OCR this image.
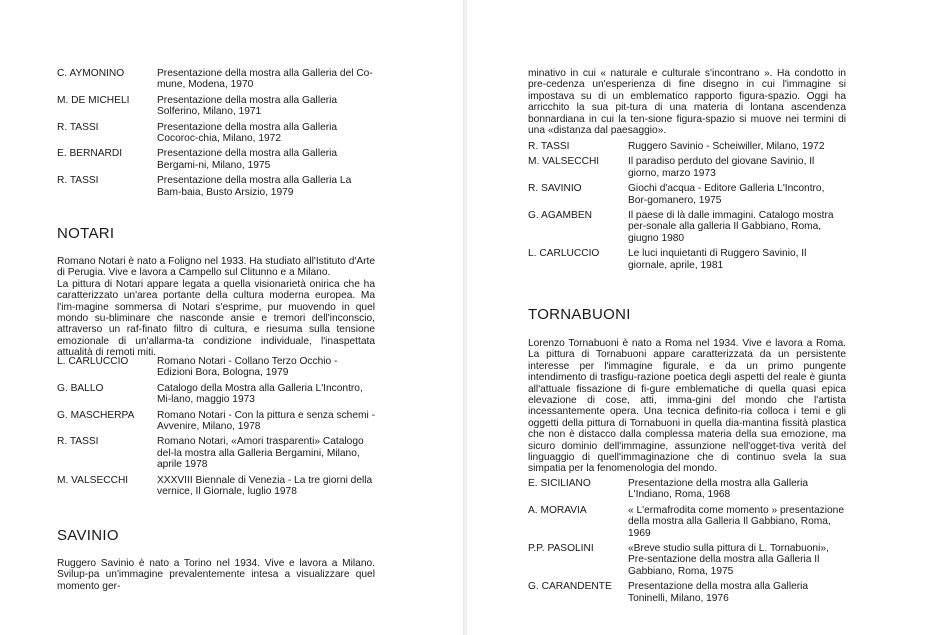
C. AYMONINO	Presentazione della mostra alla Galleria del Co-mune, Modena, 1970
M. DE MICHELI	Presentazione della mostra alla Galleria Solferino, Milano, 1971
R. TASSI	Presentazione della mostra alla Galleria Cocoroc-chia, Milano, 1972
E. BERNARDI	Presentazione della mostra alla Galleria Bergami-ni, Milano, 1975
R. TASSI	Presentazione della mostra alla Galleria La Bam-baia, Busto Arsizio, 1979
NOTARI

Romano Notari è nato a Foligno nel 1933. Ha studiato all'Istituto d'Arte di Perugia. Vive e lavora a Campello sul Clitunno e a Milano.

La pittura di Notari appare legata a quella visionarietà onirica che ha caratterizzato un'area portante della cultura moderna europea. Ma l'im-magine sommersa di Notari s'esprime, pur muovendo in quel mondo su-bliminare che nasconde ansie e tremori dell'inconscio, attraverso un raf-finato filtro di cultura, e riesuma sulla tensione emozionale di un'allarma-ta condizione individuale, l'inaspettata attualità di remoti miti.

L. CARLUCCIO	Romano Notari - Collano Terzo Occhio - Edizioni Bora, Bologna, 1979
G. BALLO	Catalogo della Mostra alla Galleria L'Incontro, Mi-lano, maggio 1973
G. MASCHERPA	Romano Notari - Con la pittura e senza schemi - Avvenire, Milano, 1978
R. TASSI	Romano Notari, «Amori trasparenti» Catalogo del-la mostra alla Galleria Bergamini, Milano, aprile 1978
M. VALSECCHI	XXXVIII Biennale di Venezia - La tre giorni della vernice, Il Giornale, luglio 1978
SAVINIO

Ruggero Savinio è nato a Torino nel 1934. Vive e lavora a Milano. Svilup-pa un'immagine prevalentemente intesa a visualizzare quel momento ger-

minativo in cui « naturale e culturale s'incontrano ». Ha condotto in pre-cedenza un'esperienza di fine disegno in cui l'immagine si impostava su di un emblematico rapporto figura-spazio. Oggi ha arricchito la sua pit-tura di una materia di lontana ascendenza bonnardiana in cui la ten-sione figura-spazio si muove nei termini di una «distanza dal paesaggio».

R. TASSI	Ruggero Savinio - Scheiwiller, Milano, 1972
M. VALSECCHI	Il paradiso perduto del giovane Savinio, Il giorno, marzo 1973
R. SAVINIO	Giochi d'acqua - Editore Galleria L'Incontro, Bor-gomanero, 1975
G. AGAMBEN	Il paese di là dalle immagini. Catalogo mostra per-sonale alla galleria Il Gabbiano, Roma, giugno 1980
L. CARLUCCIO	Le luci inquietanti di Ruggero Savinio, Il giornale, aprile, 1981
TORNABUONI

Lorenzo Tornabuoni è nato a Roma nel 1934. Vive e lavora a Roma. La pittura di Tornabuoni appare caratterizzata da un persistente interesse per l'immagine figurale, e da un primo pungente intendimento di trasfigu-razione poetica degli aspetti del reale è giunta all'attuale fissazione di fi-gure emblematiche di quella quasi epica elevazione di cose, atti, imma-gini del mondo che l'artista incessantemente opera. Una tecnica definito-ria colloca i temi e gli oggetti della pittura di Tornabuoni in quella dia-mantina fissità plastica che non è distacco dalla complessa materia della sua emozione, ma sicuro dominio dell'immagine, assunzione nell'ogget-tiva verità del linguaggio di quell'immaginazione che di continuo svela la sua simpatia per la fenomenologia del mondo.

E. SICILIANO	Presentazione della mostra alla Galleria L'Indiano, Roma, 1968
A. MORAVIA	« L'ermafrodita come momento » presentazione della mostra alla Galleria Il Gabbiano, Roma, 1969
P.P. PASOLINI	«Breve studio sulla pittura di L. Tornabuoni», Pre-sentazione della mostra alla Galleria Il Gabbiano, Roma, 1975
G. CARANDENTE	Presentazione della mostra alla Galleria Toninelli, Milano, 1976
